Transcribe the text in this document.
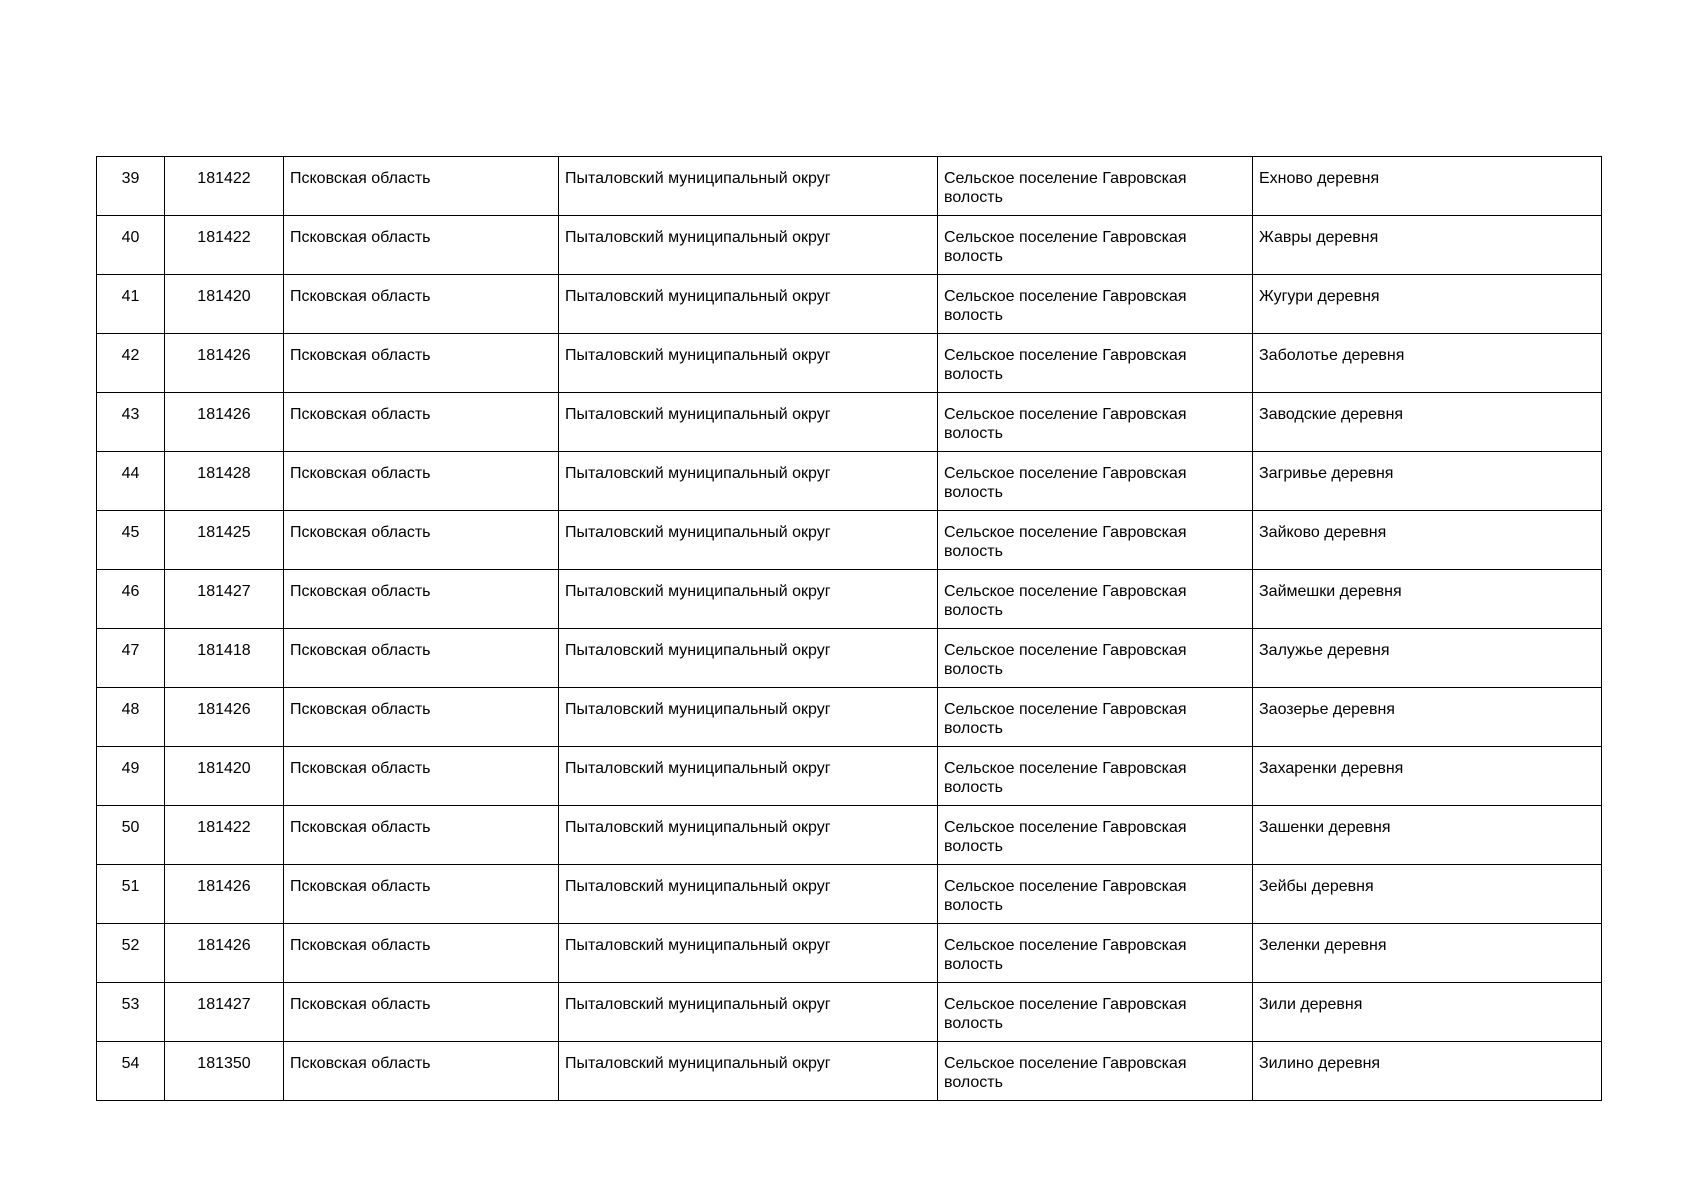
39	181422	Псковская область	Пыталовский муниципальный округ	Сельское поселение Гавровская волость	Ехново деревня
40	181422	Псковская область	Пыталовский муниципальный округ	Сельское поселение Гавровская волость	Жавры деревня
41	181420	Псковская область	Пыталовский муниципальный округ	Сельское поселение Гавровская волость	Жугури деревня
42	181426	Псковская область	Пыталовский муниципальный округ	Сельское поселение Гавровская волость	Заболотье деревня
43	181426	Псковская область	Пыталовский муниципальный округ	Сельское поселение Гавровская волость	Заводские деревня
44	181428	Псковская область	Пыталовский муниципальный округ	Сельское поселение Гавровская волость	Загривье деревня
45	181425	Псковская область	Пыталовский муниципальный округ	Сельское поселение Гавровская волость	Зайково деревня
46	181427	Псковская область	Пыталовский муниципальный округ	Сельское поселение Гавровская волость	Займешки деревня
47	181418	Псковская область	Пыталовский муниципальный округ	Сельское поселение Гавровская волость	Залужье деревня
48	181426	Псковская область	Пыталовский муниципальный округ	Сельское поселение Гавровская волость	Заозерье деревня
49	181420	Псковская область	Пыталовский муниципальный округ	Сельское поселение Гавровская волость	Захаренки деревня
50	181422	Псковская область	Пыталовский муниципальный округ	Сельское поселение Гавровская волость	Зашенки деревня
51	181426	Псковская область	Пыталовский муниципальный округ	Сельское поселение Гавровская волость	Зейбы деревня
52	181426	Псковская область	Пыталовский муниципальный округ	Сельское поселение Гавровская волость	Зеленки деревня
53	181427	Псковская область	Пыталовский муниципальный округ	Сельское поселение Гавровская волость	Зили деревня
54	181350	Псковская область	Пыталовский муниципальный округ	Сельское поселение Гавровская волость	Зилино деревня
